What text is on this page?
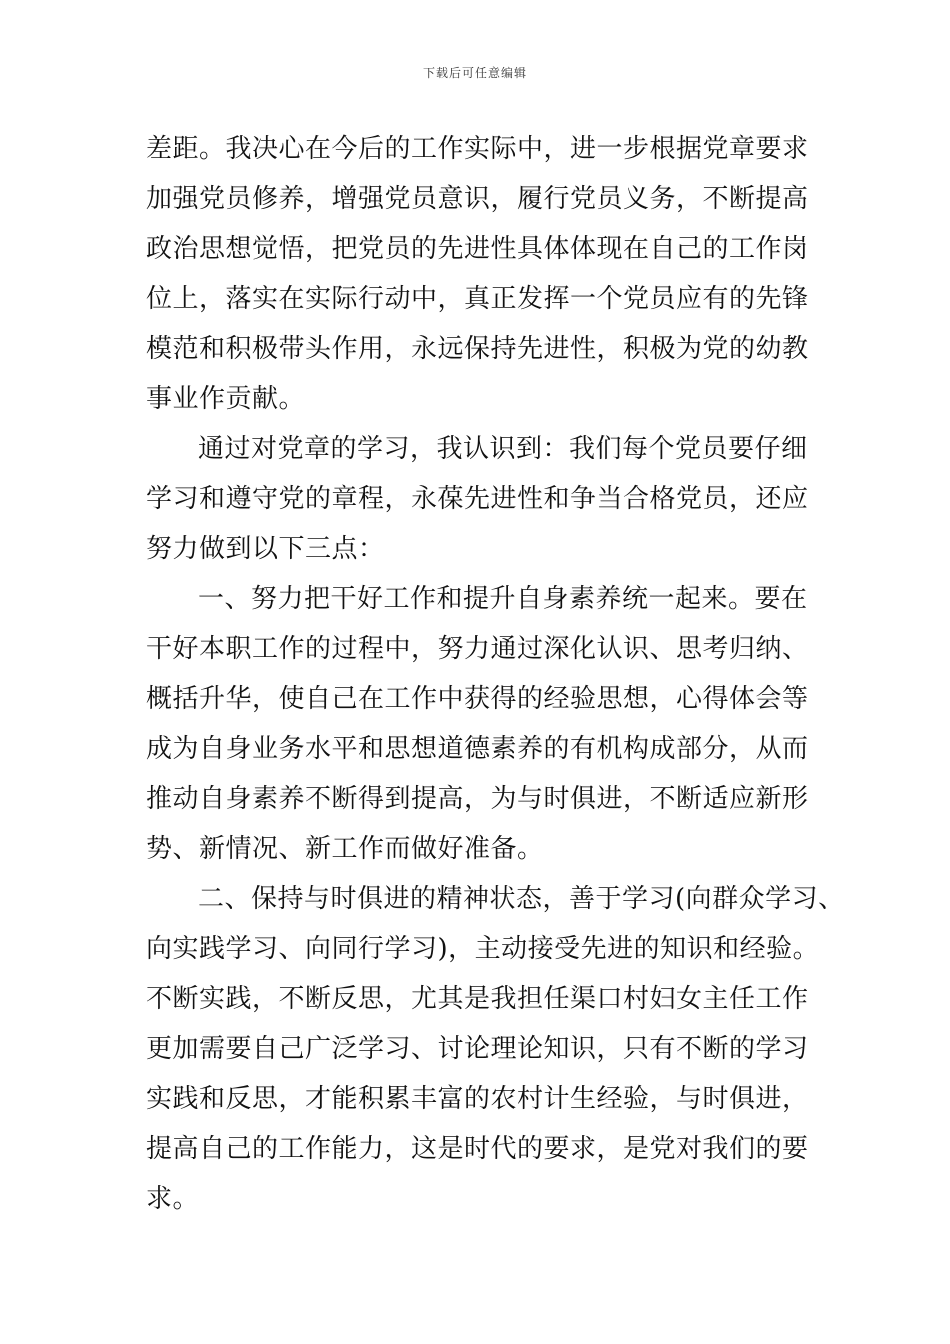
下载后可任意编辑
差距。我决心在今后的工作实际中，进一步根据党章要求
加强党员修养，增强党员意识，履行党员义务，不断提高
政治思想觉悟，把党员的先进性具体体现在自己的工作岗
位上，落实在实际行动中，真正发挥一个党员应有的先锋
模范和积极带头作用，永远保持先进性，积极为党的幼教
事业作贡献。
通过对党章的学习，我认识到：我们每个党员要仔细
学习和遵守党的章程，永葆先进性和争当合格党员，还应
努力做到以下三点：
一、努力把干好工作和提升自身素养统一起来。要在
干好本职工作的过程中，努力通过深化认识、思考归纳、
概括升华，使自己在工作中获得的经验思想，心得体会等
成为自身业务水平和思想道德素养的有机构成部分，从而
推动自身素养不断得到提高，为与时俱进，不断适应新形
势、新情况、新工作而做好准备。
二、保持与时俱进的精神状态，善于学习(向群众学习、
向实践学习、向同行学习)，主动接受先进的知识和经验。
不断实践，不断反思，尤其是我担任渠口村妇女主任工作
更加需要自己广泛学习、讨论理论知识，只有不断的学习
实践和反思，才能积累丰富的农村计生经验，与时俱进，
提高自己的工作能力，这是时代的要求，是党对我们的要
求。
